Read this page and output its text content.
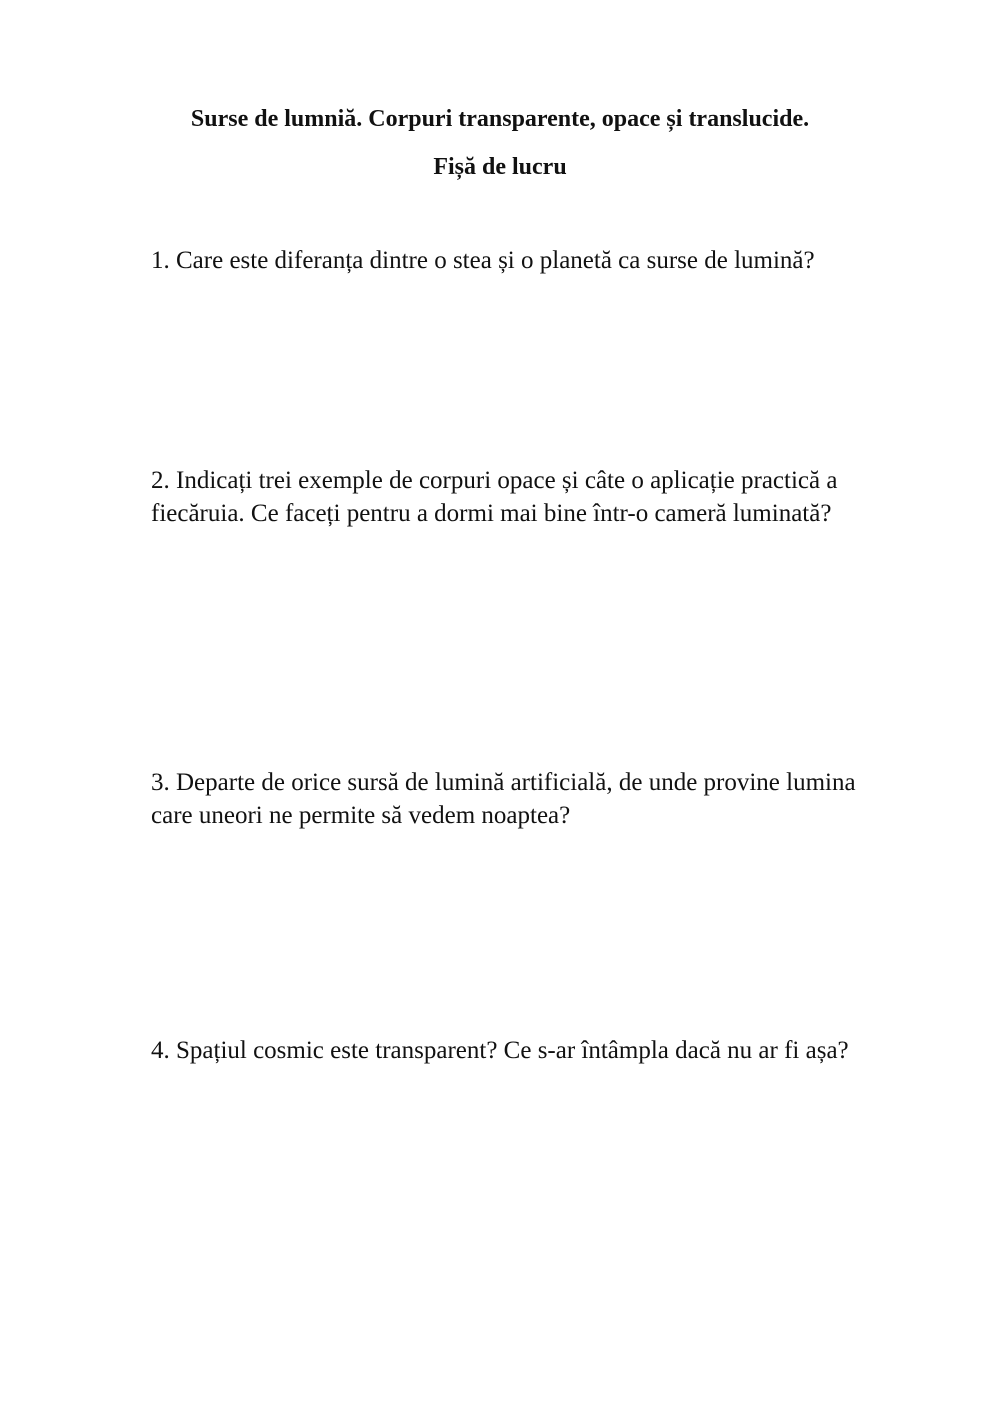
Surse de lumniă. Corpuri transparente, opace și translucide.
Fișă de lucru

1. Care este diferanța dintre o stea și o planetă ca surse de lumină?

2. Indicați trei exemple de corpuri opace și câte o aplicație practică a fiecăruia. Ce faceți pentru a dormi mai bine într-o cameră luminată?

3. Departe de orice sursă de lumină artificială, de unde provine lumina care uneori ne permite să vedem noaptea?

4. Spațiul cosmic este transparent? Ce s-ar întâmpla dacă nu ar fi așa?
